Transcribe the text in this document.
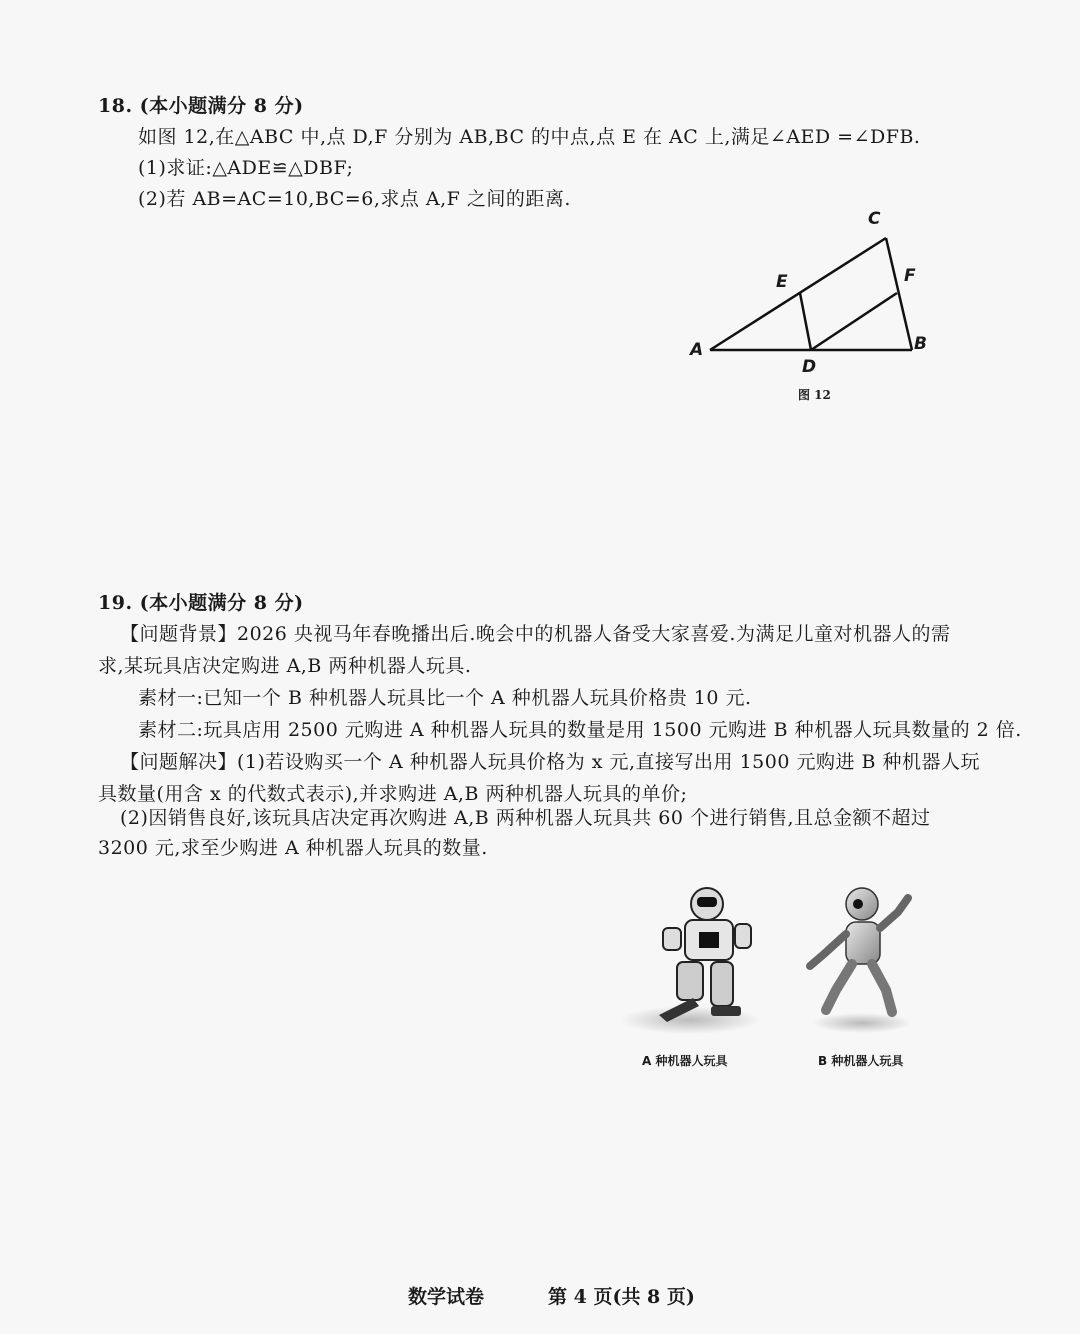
18. (本小题满分 8 分)
如图 12,在△ABC 中,点 D,F 分别为 AB,BC 的中点,点 E 在 AC 上,满足∠AED =∠DFB.
(1)求证:△ADE≌△DBF;
(2)若 AB=AC=10,BC=6,求点 A,F 之间的距离.
C
F
E
A	B
D
图 12
19. (本小题满分 8 分)
【问题背景】2026 央视马年春晚播出后.晚会中的机器人备受大家喜爱.为满足儿童对机器人的需
求,某玩具店决定购进 A,B 两种机器人玩具.
素材一:已知一个 B 种机器人玩具比一个 A 种机器人玩具价格贵 10 元.
素材二:玩具店用 2500 元购进 A 种机器人玩具的数量是用 1500 元购进 B 种机器人玩具数量的 2 倍.
【问题解决】(1)若设购买一个 A 种机器人玩具价格为 x 元,直接写出用 1500 元购进 B 种机器人玩
具数量(用含 x 的代数式表示),并求购进 A,B 两种机器人玩具的单价;
(2)因销售良好,该玩具店决定再次购进 A,B 两种机器人玩具共 60 个进行销售,且总金额不超过
3200 元,求至少购进 A 种机器人玩具的数量.
A 种机器人玩具	B 种机器人玩具
数学试卷	第 4 页(共 8 页)
